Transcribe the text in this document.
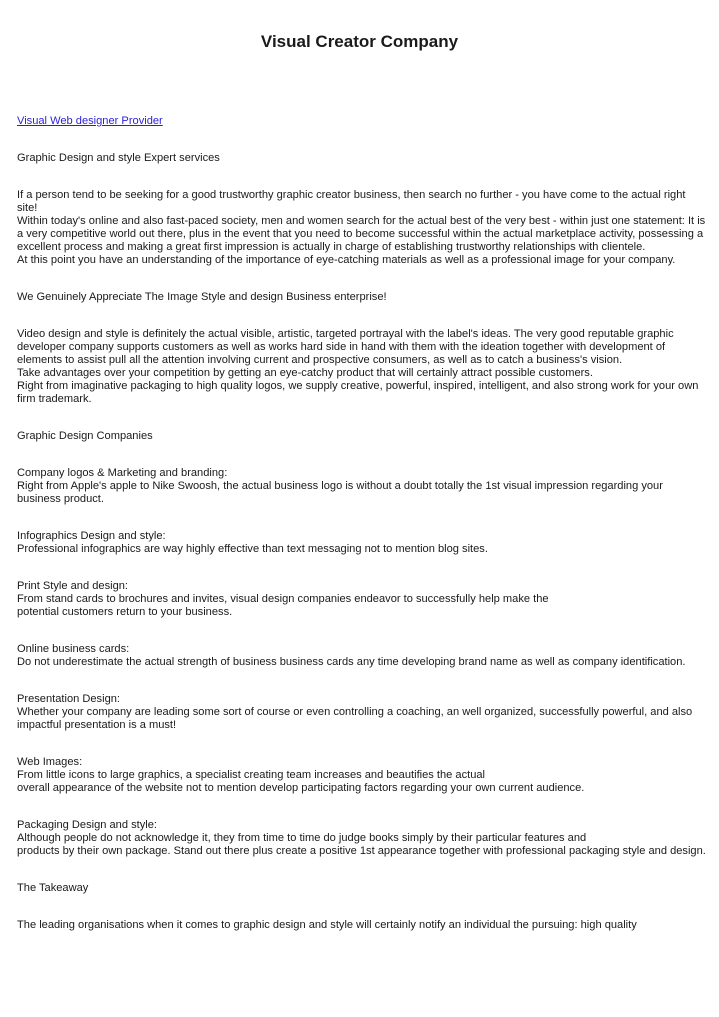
Visual Creator Company

Visual Web designer Provider

Graphic Design and style Expert services

If a person tend to be seeking for a good trustworthy graphic creator business, then search no further - you have come to the actual right site!
Within today's online and also fast-paced society, men and women search for the actual best of the very best - within just one statement: It is a very competitive world out there, plus in the event that you need to become successful within the actual marketplace activity, possessing a excellent process and making a great first impression is actually in charge of establishing trustworthy relationships with clientele.
At this point you have an understanding of the importance of eye-catching materials as well as a professional image for your company.

We Genuinely Appreciate The Image Style and design Business enterprise!

Video design and style is definitely the actual visible, artistic, targeted portrayal with the label's ideas. The very good reputable graphic developer company supports customers as well as works hard side in hand with them with the ideation together with development of elements to assist pull all the attention involving current and prospective consumers, as well as to catch a business's vision.
Take advantages over your competition by getting an eye-catchy product that will certainly attract possible customers.
Right from imaginative packaging to high quality logos, we supply creative, powerful, inspired, intelligent, and also strong work for your own firm trademark.

Graphic Design Companies

Company logos & Marketing and branding:
Right from Apple's apple to Nike Swoosh, the actual business logo is without a doubt totally the 1st visual impression regarding your business product.

Infographics Design and style:
Professional infographics are way highly effective than text messaging not to mention blog sites.

Print Style and design:
From stand cards to brochures and invites, visual design companies endeavor to successfully help make the
potential customers return to your business.

Online business cards:
Do not underestimate the actual strength of business business cards any time developing brand name as well as company identification.

Presentation Design:
Whether your company are leading some sort of course or even controlling a coaching, an well organized, successfully powerful, and also impactful presentation is a must!

Web Images:
From little icons to large graphics, a specialist creating team increases and beautifies the actual
overall appearance of the website not to mention develop participating factors regarding your own current audience.

Packaging Design and style:
Although people do not acknowledge it, they from time to time do judge books simply by their particular features and
products by their own package. Stand out there plus create a positive 1st appearance together with professional packaging style and design.

The Takeaway

The leading organisations when it comes to graphic design and style will certainly notify an individual the pursuing: high quality
